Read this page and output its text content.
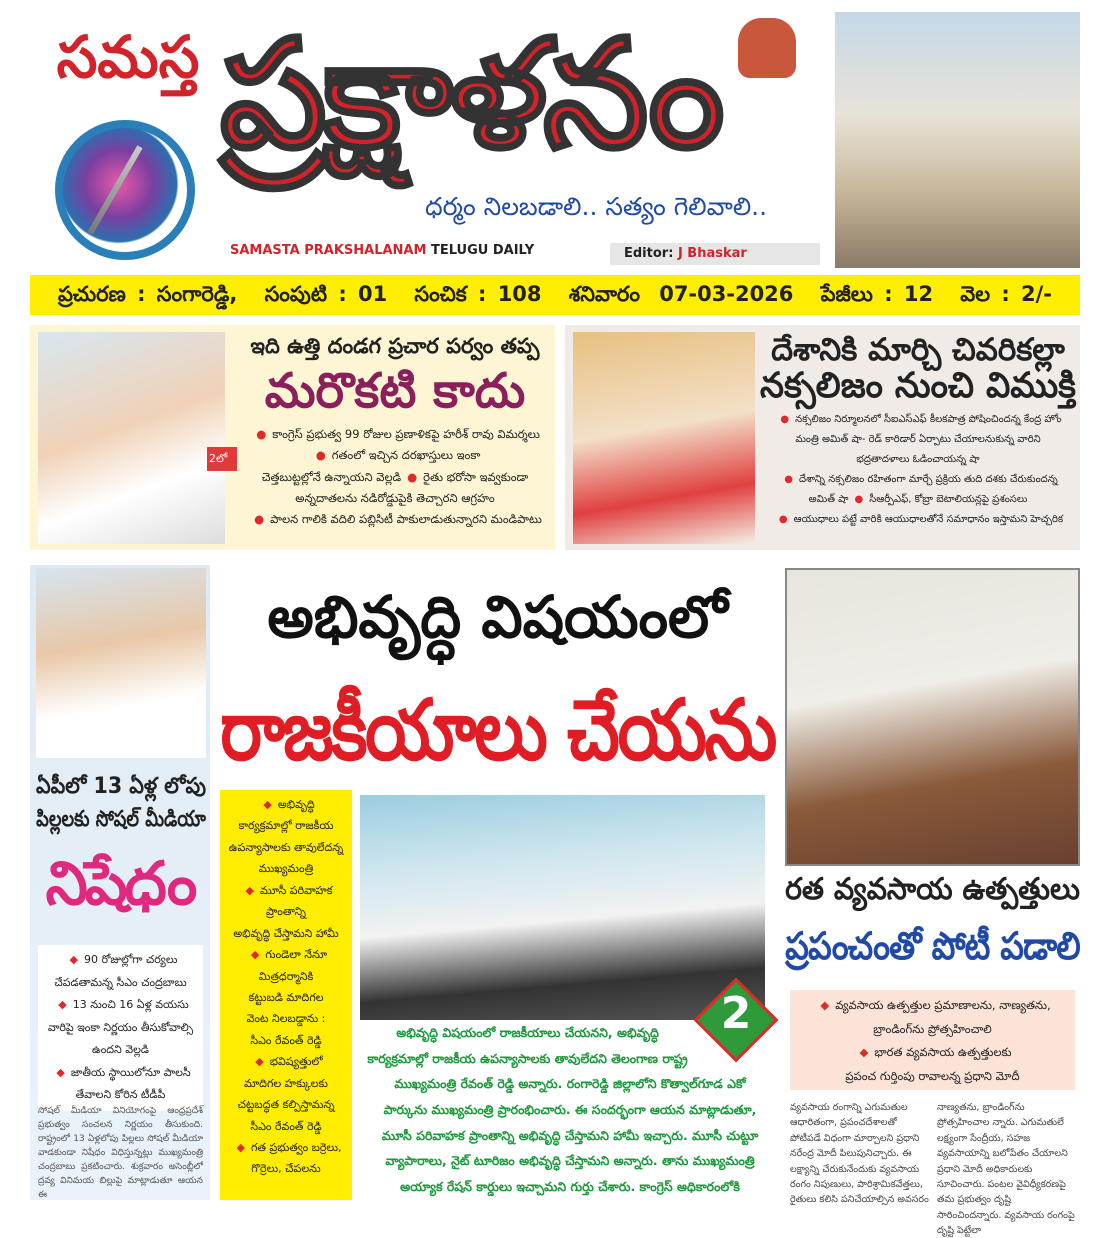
సమస్త ప్రక్షాళనం
ధర్మం నిలబడాలి.. సత్యం గెలివాలి..
SAMASTA PRAKSHALANAM TELUGU DAILY	Editor: J Bhaskar
ప్రచురణ : సంగారెడ్డి, సంపుటి : 01 సంచిక : 108 శనివారం 07-03-2026 పేజీలు : 12 వెల : 2/-
2లో
ఇది ఉత్తి దండగ ప్రచార పర్వం తప్ప
మరొకటి కాదు
● కాంగ్రెస్ ప్రభుత్వ 99 రోజుల ప్రణాళికపై హరీశ్ రావు విమర్శలు
● గతంలో ఇచ్చిన దరఖాస్తులు ఇంకా
చెత్తబుట్టల్లోనే ఉన్నాయని వెల్లడి ● రైతు భరోసా ఇవ్వకుండా
అన్నదాతలను నడిరోడ్డుపైకి తెచ్చారని ఆగ్రహం
● పాలన గాలికి వదిలి పబ్లిసిటీ పాకులాడుతున్నారని మండిపాటు
దేశానికి మార్చి చివరికల్లా
నక్సలిజం నుంచి విముక్తి
● నక్సలిజం నిర్మూలనలో సీఐఎస్ఎఫ్ కీలకపాత్ర పోషించిందన్న కేంద్ర హోం
మంత్రి అమిత్ షా- రెడ్ కారిడార్ ఏర్పాటు చేయాలనుకున్న వారిని
భద్రతాదళాలు ఓడించాయన్న షా
● దేశాన్ని నక్సలిజం రహితంగా మార్చే ప్రక్రియ తుది దశకు చేరుకుందన్న
అమిత్ షా ● సీఆర్పీఎఫ్, కోబ్రా బెటాలియన్లపై ప్రశంసలు
● ఆయుధాలు పట్టే వారికి ఆయుధాలతోనే సమాధానం ఇస్తామని హెచ్చరిక
ఏపీలో 13 ఏళ్ల లోపు
పిల్లలకు సోషల్ మీడియా
నిషేధం
◆ 90 రోజుల్లోగా చర్యలు
చేపడతామన్న సీఎం చంద్రబాబు
◆ 13 నుంచి 16 ఏళ్ల వయసు
వారిపై ఇంకా నిర్ణయం తీసుకోవాల్సి
ఉందని వెల్లడి
◆ జాతీయ స్థాయిలోనూ పాలసీ
తేవాలని కోరిన టీడీపీ
సోషల్ మీడియా వినియోగంపై ఆంధ్రప్రదేశ్ ప్రభుత్వం సంచలన నిర్ణయం తీసుకుంది. రాష్ట్రంలో 13 ఏళ్లలోపు పిల్లలు సోషల్ మీడియా వాడకుండా నిషేధం విధిస్తున్నట్లు ముఖ్యమంత్రి చంద్రబాబు ప్రకటించారు. శుక్రవారం అసెంబ్లీలో ద్రవ్య వినిమయ బిల్లుపై మాట్లాడుతూ ఆయన ఈ
అభివృద్ధి విషయంలో
రాజకీయాలు చేయను
◆ అభివృద్ధి
కార్యక్రమాల్లో రాజకీయ
ఉపన్యాసాలకు తావులేదన్న
ముఖ్యమంత్రి
◆ మూసీ పరివాహక
ప్రాంతాన్ని
అభివృద్ధి చేస్తామని హామీ
◆ గుండెలా నేనూ
మిత్రధర్మానికి
కట్టుబడి మాదిగల
వెంట నిలబడ్డాను :
సీఎం రేవంత్ రెడ్డి
◆ భవిష్యత్తులో
మాదిగల హక్కులకు
చట్టబద్ధత కల్పిస్తామన్న
సీఎం రేవంత్ రెడ్డి
◆ గత ప్రభుత్వం బర్రెలు,
గొర్రెలు, చేపలను
2
అభివృద్ధి విషయంలో రాజకీయాలు చేయనని, అభివృద్ధి
కార్యక్రమాల్లో రాజకీయ ఉపన్యాసాలకు తావులేదని తెలంగాణ రాష్ట్ర
ముఖ్యమంత్రి రేవంత్ రెడ్డి అన్నారు. రంగారెడ్డి జిల్లాలోని కొత్వాల్‌గూడ ఎకో
పార్కును ముఖ్యమంత్రి ప్రారంభించారు. ఈ సందర్భంగా ఆయన మాట్లాడుతూ,
మూసీ పరివాహక ప్రాంతాన్ని అభివృద్ధి చేస్తామని హామీ ఇచ్చారు. మూసీ చుట్టూ
వ్యాపారాలు, నైట్ టూరిజం అభివృద్ధి చేస్తామని అన్నారు. తాను ముఖ్యమంత్రి
అయ్యాక రేషన్ కార్డులు ఇచ్చామని గుర్తు చేశారు. కాంగ్రెస్ అధికారంలోకి
రత వ్యవసాయ ఉత్పత్తులు
ప్రపంచంతో పోటీ పడాలి
◆ వ్యవసాయ ఉత్పత్తుల ప్రమాణాలను, నాణ్యతను,
బ్రాండింగ్‌ను ప్రోత్సహించాలి
◆ భారత వ్యవసాయ ఉత్పత్తులకు
ప్రపంచ గుర్తింపు రావాలన్న ప్రధాని మోదీ
వ్యవసాయ రంగాన్ని ఎగుమతుల ఆధారితంగా, ప్రపంచదేశాలతో పోటీపడే విధంగా మార్చాలని ప్రధాని నరేంద్ర మోదీ పిలుపునిచ్చారు. ఈ లక్ష్యాన్ని చేరుకునేందుకు వ్యవసాయ రంగం నిపుణులు, పారిశ్రామికవేత్తలు, రైతులు కలిసి పనిచేయాల్సిన అవసరం
నాణ్యతను, బ్రాండింగ్‌ను ప్రోత్సహించాల న్నారు. ఎగుమతులే లక్ష్యంగా సేంద్రీయ, సహజ వ్యవసాయాన్ని బలోపేతం చేయాలని ప్రధాని మోదీ అధికారులకు సూచించారు. పంటల వైవిధ్యీకరణపై తమ ప్రభుత్వం దృష్టి సారించిందన్నారు. వ్యవసాయ రంగంపై దృష్టి పెట్టేలా
